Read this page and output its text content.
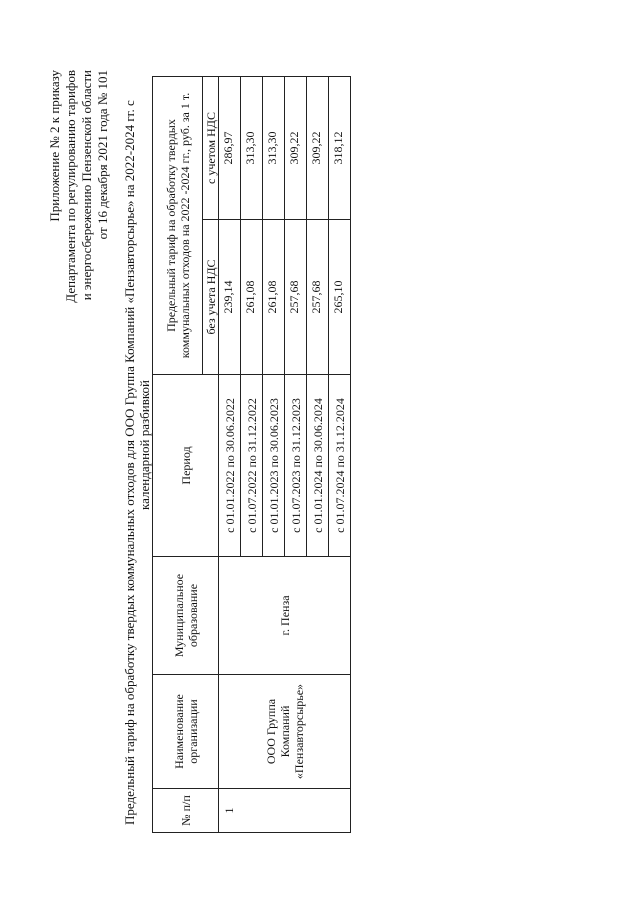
Приложение № 2 к приказу Департамента по регулированию тарифов и энергосбережению Пензенской области от 16 декабря 2021 года № 101 Предельный тариф на обработку твердых коммунальных отходов для ООО Группа Компаний «Пензавторсырье» на 2022-2024 гг. с календарной разбивкой
№ п/п	Наименование организации	Муниципальное образование	Период	Предельный тариф на обработку твердых коммунальных отходов на 2022 -2024 гг., руб. за 1 т.	
				без учета НДС	с учетом НДС
1	ООО Группа Компаний «Пензавторсырье»	г. Пенза	с 01.01.2022 по 30.06.2022	239,14	286,97
			с 01.07.2022 по 31.12.2022	261,08	313,30
			с 01.01.2023 по 30.06.2023	261,08	313,30
			с 01.07.2023 по 31.12.2023	257,68	309,22
			с 01.01.2024 по 30.06.2024	257,68	309,22
			с 01.07.2024 по 31.12.2024	265,10	318,12
